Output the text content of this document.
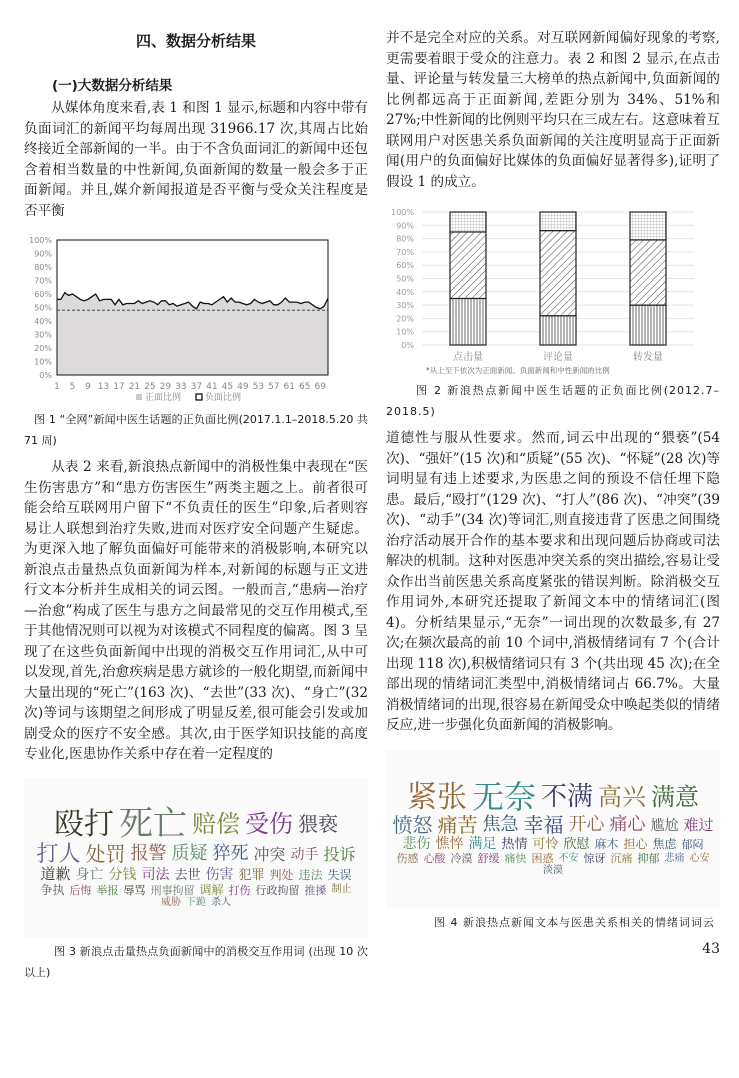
四、数据分析结果
(一)大数据分析结果

从媒体角度来看,表 1 和图 1 显示,标题和内容中带有负面词汇的新闻平均每周出现 31966.17 次,其周占比始终接近全部新闻的一半。由于不含负面词汇的新闻中还包含着相当数量的中性新闻,负面新闻的数量一般会多于正面新闻。并且,媒介新闻报道是否平衡与受众关注程度是否平衡

0%
10%
20%
30%
40%
50%
60%
70%
80%
90%
100%
1 5 9 13 17 21 25 29 33 37 41 45 49 53 57 61 65 69
正面比例	负面比例
图 1 “全网”新闻中医生话题的正负面比例(2017.1.1–2018.5.20 共 71 周)

从表 2 来看,新浪热点新闻中的消极性集中表现在“医生伤害患方”和“患方伤害医生”两类主题之上。前者很可能会给互联网用户留下“不负责任的医生”印象,后者则容易让人联想到治疗失败,进而对医疗安全问题产生疑虑。为更深入地了解负面偏好可能带来的消极影响,本研究以新浪点击量热点负面新闻为样本,对新闻的标题与正文进行文本分析并生成相关的词云图。一般而言,“患病—治疗—治愈”构成了医生与患方之间最常见的交互作用模式,至于其他情况则可以视为对该模式不同程度的偏离。图 3 呈现了在这些负面新闻中出现的消极交互作用词汇,从中可以发现,首先,治愈疾病是患方就诊的一般化期望,而新闻中大量出现的“死亡”(163 次)、“去世”(33 次)、“身亡”(32 次)等词与该期望之间形成了明显反差,很可能会引发或加剧受众的医疗不安全感。其次,由于医学知识技能的高度专业化,医患协作关系中存在着一定程度的

殴打 死亡 赔偿 受伤 猥亵
打人 处罚 报警 质疑 猝死 冲突 动手 投诉
道歉 身亡 分钱 司法 去世 伤害 犯罪 判处 违法 失误
争执 后悔 举报 辱骂 刑事拘留 调解 打伤 行政拘留 推搡 制止
威胁 下跪 杀人
图 3 新浪点击量热点负面新闻中的消极交互作用词 (出现 10 次以上)

并不是完全对应的关系。对互联网新闻偏好现象的考察,更需要着眼于受众的注意力。表 2 和图 2 显示,在点击量、评论量与转发量三大榜单的热点新闻中,负面新闻的比例都远高于正面新闻,差距分别为 34%、51%和 27%;中性新闻的比例则平均只在三成左右。这意味着互联网用户对医患关系负面新闻的关注度明显高于正面新闻(用户的负面偏好比媒体的负面偏好显著得多),证明了假设 1 的成立。

0%
10%
20%
30%
40%
50%
60%
70%
80%
90%
100%
点击量	评论量	转发量
*从上至下依次为正面新闻、负面新闻和中性新闻的比例
图 2 新浪热点新闻中医生话题的正负面比例(2012.7–2018.5)

道德性与服从性要求。然而,词云中出现的“猥亵”(54 次)、“强奸”(15 次)和“质疑”(55 次)、“怀疑”(28 次)等词明显有违上述要求,为医患之间的预设不信任埋下隐患。最后,“殴打”(129 次)、“打人”(86 次)、“冲突”(39 次)、“动手”(34 次)等词汇,则直接违背了医患之间围绕治疗活动展开合作的基本要求和出现问题后协商或司法解决的机制。这种对医患冲突关系的突出描绘,容易让受众作出当前医患关系高度紧张的错误判断。除消极交互作用词外,本研究还提取了新闻文本中的情绪词汇(图 4)。分析结果显示,“无奈”一词出现的次数最多,有 27 次;在频次最高的前 10 个词中,消极情绪词有 7 个(合计出现 118 次),积极情绪词只有 3 个(共出现 45 次);在全部出现的情绪词汇类型中,消极情绪词占 66.7%。大量消极情绪词的出现,很容易在新闻受众中唤起类似的情绪反应,进一步强化负面新闻的消极影响。

紧张 无奈 不满 高兴 满意
愤怒 痛苦 焦急 幸福 开心 痛心 尴尬 难过
悲伤 憔悴 满足 热情 可怜 欣慰 麻木 担心 焦虑 郁闷
伤感 心酸 冷漠 舒缓 痛快 困惑 不安 惊讶 沉痛 抑郁 悲痛 心安
淡漠
图 4 新浪热点新闻文本与医患关系相关的情绪词词云
43
